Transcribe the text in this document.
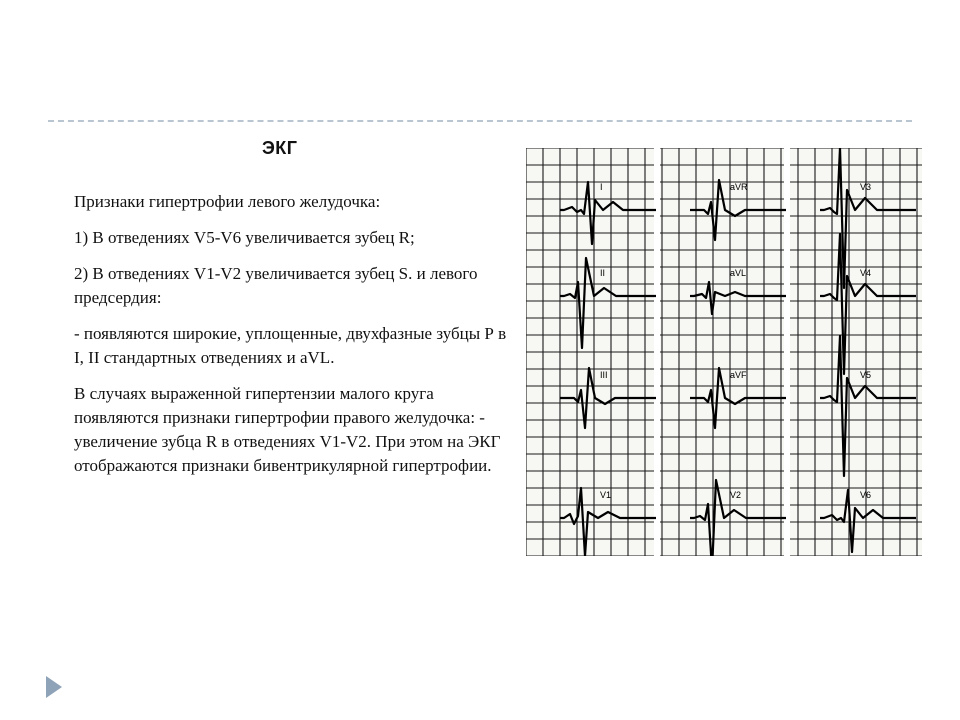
ЭКГ

Признаки гипертрофии левого желудочка:

1) В отведениях V5-V6 увеличивается зубец R;

2) В отведениях V1-V2 увеличивается зубец S. и левого предсердия:

- появляются широкие, уплощенные, двухфазные зубцы Р в I, II стандартных отведениях и aVL.

В случаях выраженной гипертензии малого круга появляются признаки гипертрофии правого желудочка: - увеличение зубца R в отведениях V1-V2. При этом на ЭКГ отображаются признаки бивентрикулярной гипертрофии.

I
II
III
V1
aVR
aVL
aVF
V2
V3
V4
V5
V6
